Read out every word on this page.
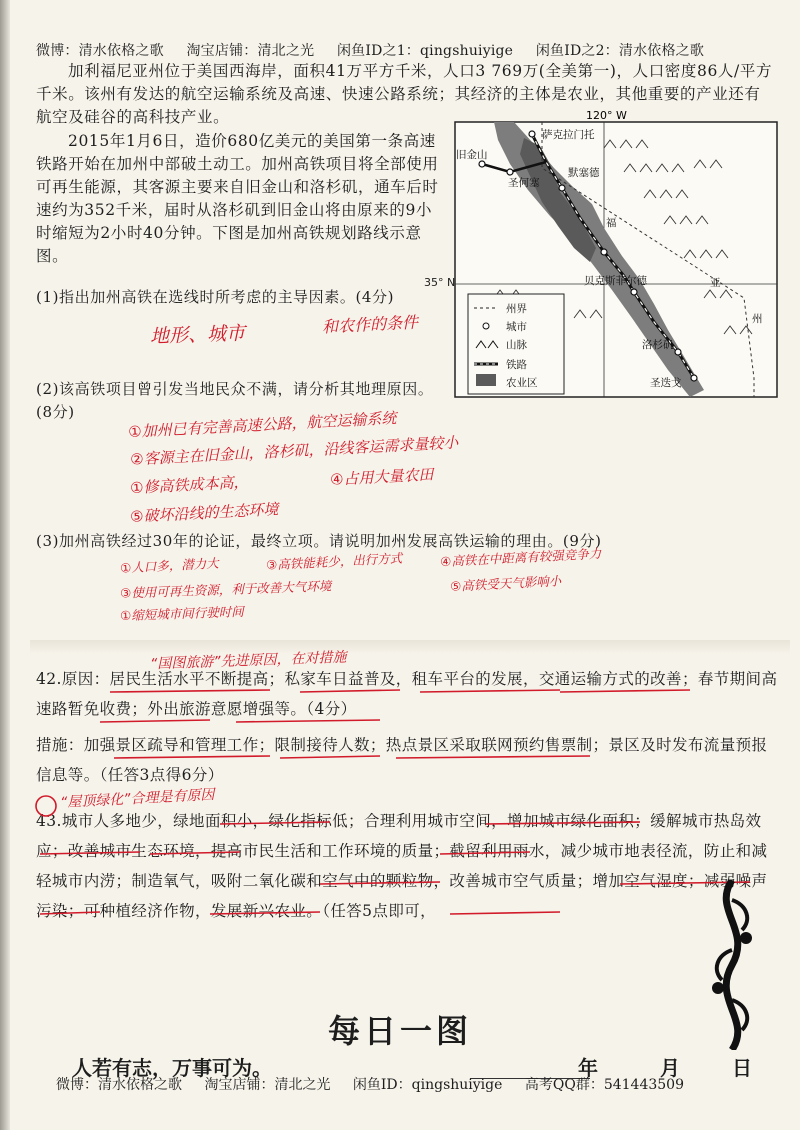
微博：清水依格之歌 淘宝店铺：清北之光 闲鱼ID之1：qingshuiyige 闲鱼ID之2：清水依格之歌
加利福尼亚州位于美国西海岸，面积41万平方千米，人口3 769万(全美第一)，人口密度86人/平方千米。该州有发达的航空运输系统及高速、快速公路系统；其经济的主体是农业，其他重要的产业还有航空及硅谷的高科技产业。
2015年1月6日，造价680亿美元的美国第一条高速铁路开始在加州中部破土动工。加州高铁项目将全部使用可再生能源，其客源主要来自旧金山和洛杉矶，通车后时速约为352千米，届时从洛杉矶到旧金山将由原来的9小时缩短为2小时40分钟。下图是加州高铁规划路线示意图。
120° W
萨克拉门托
旧金山
圣何塞
默塞德
福
贝克斯菲尔德
洛杉矶
圣迭戈
亚
州
州界
城市
山脉
铁路
农业区
35° N
(1)指出加州高铁在选线时所考虑的主导因素。(4分)
地形、城市	和农作的条件
(2)该高铁项目曾引发当地民众不满，请分析其地理原因。(8分)	①加州已有完善高速公路，航空运输系统
②客源主在旧金山，洛杉矶，沿线客运需求量较小
①修高铁成本高，	④占用大量农田
⑤破坏沿线的生态环境
(3)加州高铁经过30年的论证，最终立项。请说明加州发展高铁运输的理由。(9分)
①人口多，潜力大	③高铁能耗少，出行方式	④高铁在中距离有较强竞争力
③使用可再生资源，利于改善大气环境	⑤高铁受天气影响小
①缩短城市间行驶时间
“国图旅游”先进原因，在对措施
42.原因：居民生活水平不断提高；私家车日益普及，租车平台的发展，交通运输方式的改善；春节期间高速路暂免收费；外出旅游意愿增强等。（4分）
措施：加强景区疏导和管理工作；限制接待人数；热点景区采取联网预约售票制；景区及时发布流量预报信息等。（任答3点得6分）
“屋顶绿化”合理是有原因
43.城市人多地少，绿地面积小，绿化指标低；合理利用城市空间，增加城市绿化面积；缓解城市热岛效应；改善城市生态环境，提高市民生活和工作环境的质量；截留利用雨水，减少城市地表径流，防止和减轻城市内涝；制造氧气，吸附二氧化碳和空气中的颗粒物，改善城市空气质量；增加空气湿度；减弱噪声污染；可种植经济作物，发展新兴农业。（任答5点即可，
每日一图
人若有志，万事可为。	年	月	日
微博：清水依格之歌 淘宝店铺：清北之光 闲鱼ID：qingshuiyige 高考QQ群：541443509
